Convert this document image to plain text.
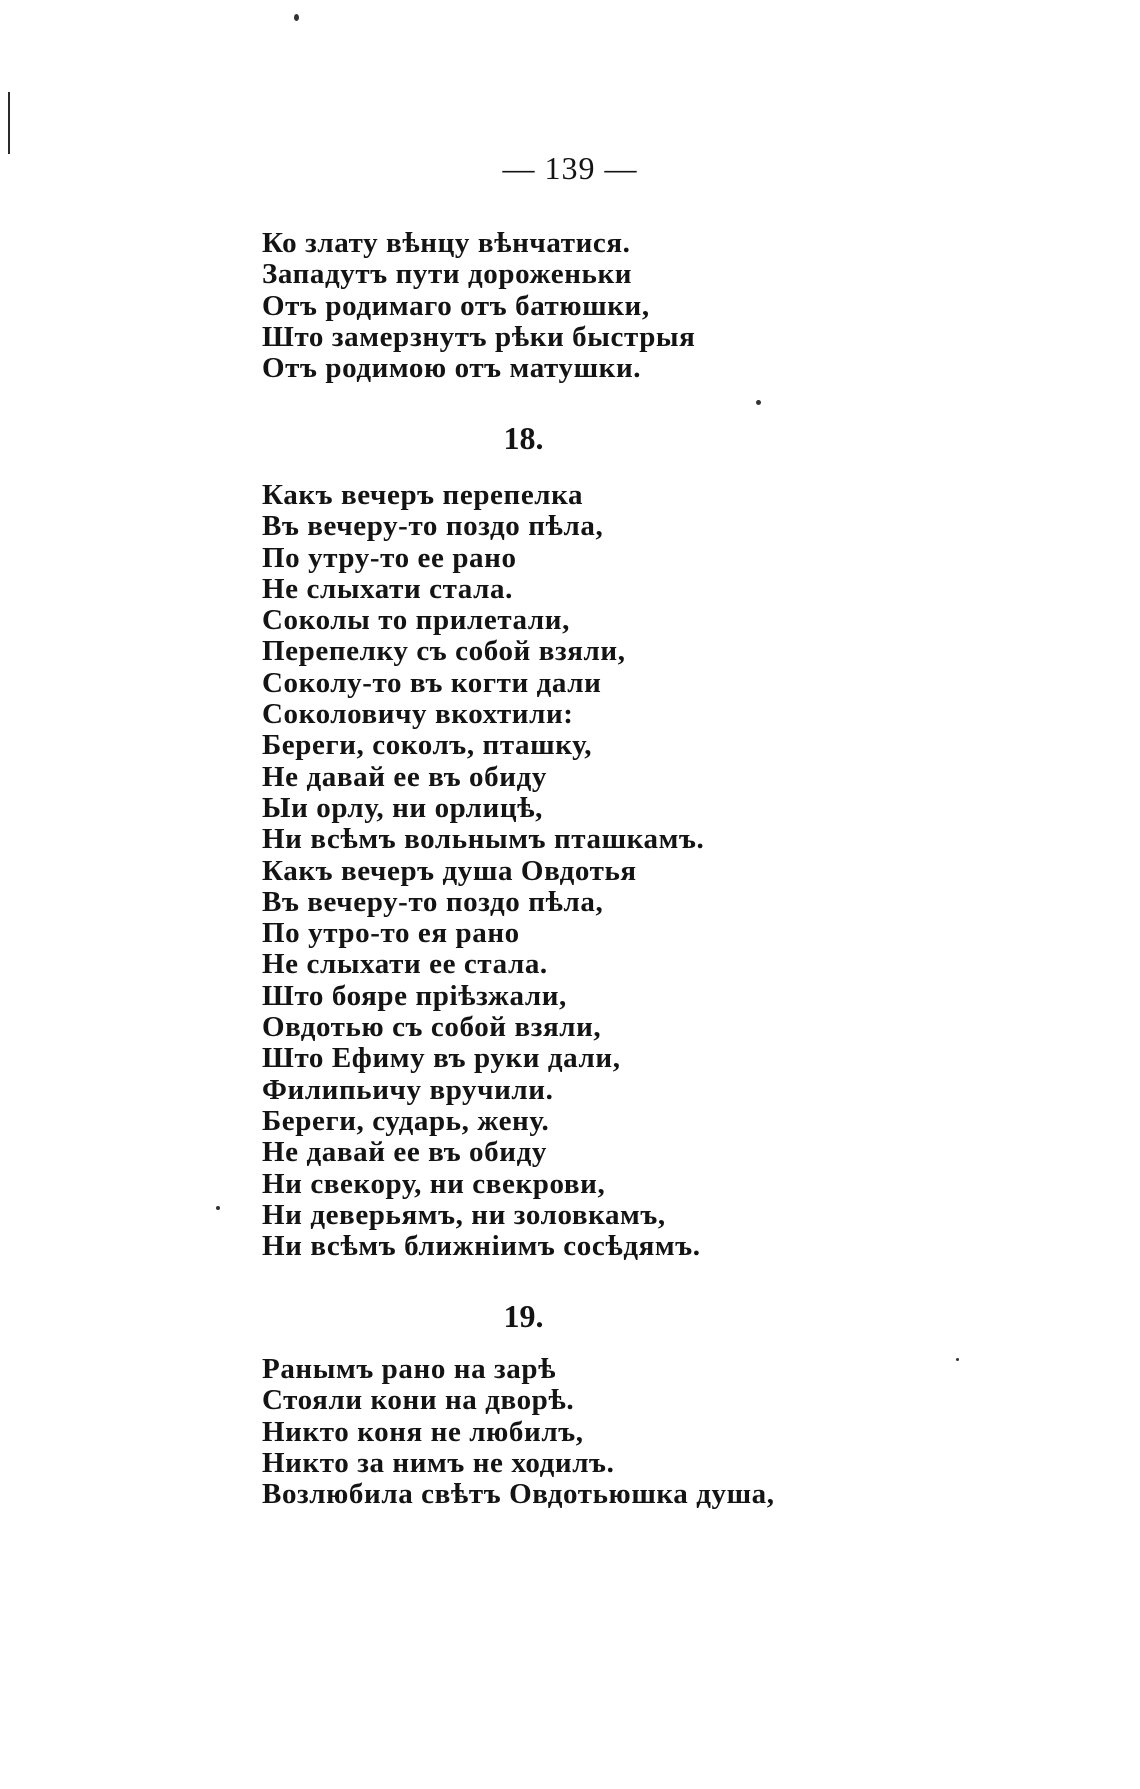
— 139 —
Ко злату вѣнцу вѣнчатися.
Западутъ пути дороженьки
Отъ родимаго отъ батюшки,
Што замерзнутъ рѣки быстрыя
Отъ родимою отъ матушки.
18.
Какъ вечеръ перепелка
Въ вечеру-то поздо пѣла,
По утру-то ее рано
Не слыхати стала.
Соколы то прилетали,
Перепелку съ собой взяли,
Соколу-то въ когти дали
Соколовичу вкохтили:
Береги, соколъ, пташку,
Не давай ее въ обиду
Ыи орлу, ни орлицѣ,
Ни всѣмъ вольнымъ пташкамъ.
Какъ вечеръ душа Овдотья
Въ вечеру-то поздо пѣла,
По утро-то ея рано
Не слыхати ее стала.
Што бояре прiѣзжали,
Овдотью съ собой взяли,
Што Ефиму въ руки дали,
Филипьичу вручили.
Береги, сударь, жену.
Не давай ее въ обиду
Ни свекору, ни свекрови,
Ни деверьямъ, ни золовкамъ,
Ни всѣмъ ближнiимъ сосѣдямъ.
19.
Ранымъ рано на зарѣ
Стояли кони на дворѣ.
Никто коня не любилъ,
Никто за нимъ не ходилъ.
Возлюбила свѣтъ Овдотьюшка душа,
